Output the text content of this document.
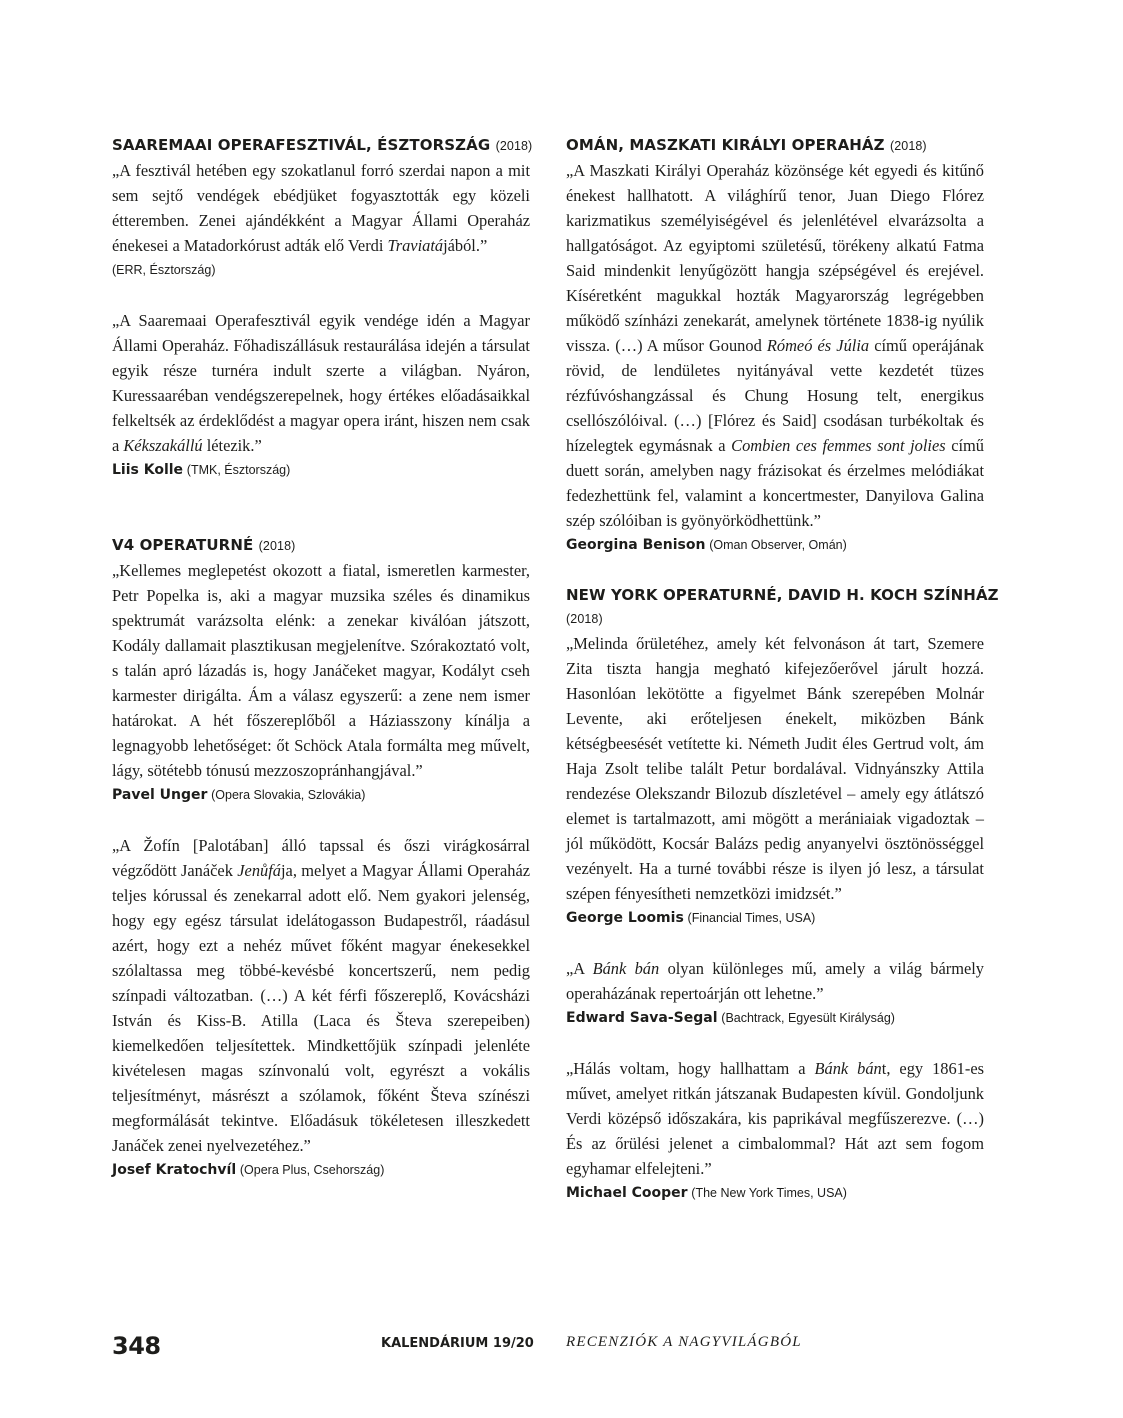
SAAREMAAI OPERAFESZTIVÁL, ÉSZTORSZÁG (2018)

„A fesztivál hetében egy szokatlanul forró szerdai napon a mit sem sejtő vendégek ebédjüket fogyasztották egy közeli étteremben. Zenei ajándékként a Magyar Állami Operaház énekesei a Matadorkórust adták elő Verdi Traviatájából.”

(ERR, Észtország)

„A Saaremaai Operafesztivál egyik vendége idén a Magyar Állami Operaház. Főhadiszállásuk restaurálása idején a társulat egyik része turnéra indult szerte a világban. Nyáron, Kuressaaréban vendégszerepelnek, hogy értékes előadásaikkal felkeltsék az érdeklődést a magyar opera iránt, hiszen nem csak a Kékszakállú létezik.”

Liis Kolle (TMK, Észtország)

V4 OPERATURNÉ (2018)

„Kellemes meglepetést okozott a fiatal, ismeretlen karmester, Petr Popelka is, aki a magyar muzsika széles és dinamikus spektrumát varázsolta elénk: a zenekar kiválóan játszott, Kodály dallamait plasztikusan megjelenítve. Szórakoztató volt, s talán apró lázadás is, hogy Janáčeket magyar, Kodályt cseh karmester dirigálta. Ám a válasz egyszerű: a zene nem ismer határokat. A hét főszereplőből a Háziasszony kínálja a legnagyobb lehetőséget: őt Schöck Atala formálta meg művelt, lágy, sötétebb tónusú mezzoszopránhangjával.”

Pavel Unger (Opera Slovakia, Szlovákia)

„A Žofín [Palotában] álló tapssal és őszi virágkosárral végződött Janáček Jenůfája, melyet a Magyar Állami Operaház teljes kórussal és zenekarral adott elő. Nem gyakori jelenség, hogy egy egész társulat idelátogasson Budapestről, ráadásul azért, hogy ezt a nehéz művet főként magyar énekesekkel szólaltassa meg többé-kevésbé koncertszerű, nem pedig színpadi változatban. (…) A két férfi főszereplő, Kovácsházi István és Kiss-B. Atilla (Laca és Števa szerepeiben) kiemelkedően teljesítettek. Mindkettőjük színpadi jelenléte kivételesen magas színvonalú volt, egyrészt a vokális teljesítményt, másrészt a szólamok, főként Števa színészi megformálását tekintve. Előadásuk tökéletesen illeszkedett Janáček zenei nyelvezetéhez.”

Josef Kratochvíl (Opera Plus, Csehország)

OMÁN, MASZKATI KIRÁLYI OPERAHÁZ (2018)

„A Maszkati Királyi Operaház közönsége két egyedi és kitűnő énekest hallhatott. A világhírű tenor, Juan Diego Flórez karizmatikus személyiségével és jelenlétével elvarázsolta a hallgatóságot. Az egyiptomi születésű, törékeny alkatú Fatma Said mindenkit lenyűgözött hangja szépségével és erejével. Kíséretként magukkal hozták Magyarország legrégebben működő színházi zenekarát, amelynek története 1838-ig nyúlik vissza. (…) A műsor Gounod Rómeó és Júlia című operájának rövid, de lendületes nyitányával vette kezdetét tüzes rézfúvóshangzással és Chung Hosung telt, energikus csellószólóival. (…) [Flórez és Said] csodásan turbékoltak és hízelegtek egymásnak a Combien ces femmes sont jolies című duett során, amelyben nagy frázisokat és érzelmes melódiákat fedezhettünk fel, valamint a koncertmester, Danyilova Galina szép szólóiban is gyönyörködhettünk.”

Georgina Benison (Oman Observer, Omán)

NEW YORK OPERATURNÉ, DAVID H. KOCH SZÍNHÁZ
(2018)

„Melinda őrületéhez, amely két felvonáson át tart, Szemere Zita tiszta hangja megható kifejezőerővel járult hozzá. Hasonlóan lekötötte a figyelmet Bánk szerepében Molnár Levente, aki erőteljesen énekelt, miközben Bánk kétségbeesését vetítette ki. Németh Judit éles Gertrud volt, ám Haja Zsolt telibe talált Petur bordalával. Vidnyánszky Attila rendezése Olekszandr Bilozub díszletével – amely egy átlátszó elemet is tartalmazott, ami mögött a merániaiak vigadoztak – jól működött, Kocsár Balázs pedig anyanyelvi ösztönösséggel vezényelt. Ha a turné további része is ilyen jó lesz, a társulat szépen fényesítheti nemzetközi imidzsét.”

George Loomis (Financial Times, USA)

„A Bánk bán olyan különleges mű, amely a világ bármely operaházának repertoárján ott lehetne.”

Edward Sava-Segal (Bachtrack, Egyesült Királyság)

„Hálás voltam, hogy hallhattam a Bánk bánt, egy 1861-es művet, amelyet ritkán játszanak Budapesten kívül. Gondoljunk Verdi középső időszakára, kis paprikával megfűszerezve. (…) És az őrülési jelenet a cimbalommal? Hát azt sem fogom egyhamar elfelejteni.”

Michael Cooper (The New York Times, USA)

348	KALENDÁRIUM 19/20 RECENZIÓK A NAGYVILÁGBÓL
